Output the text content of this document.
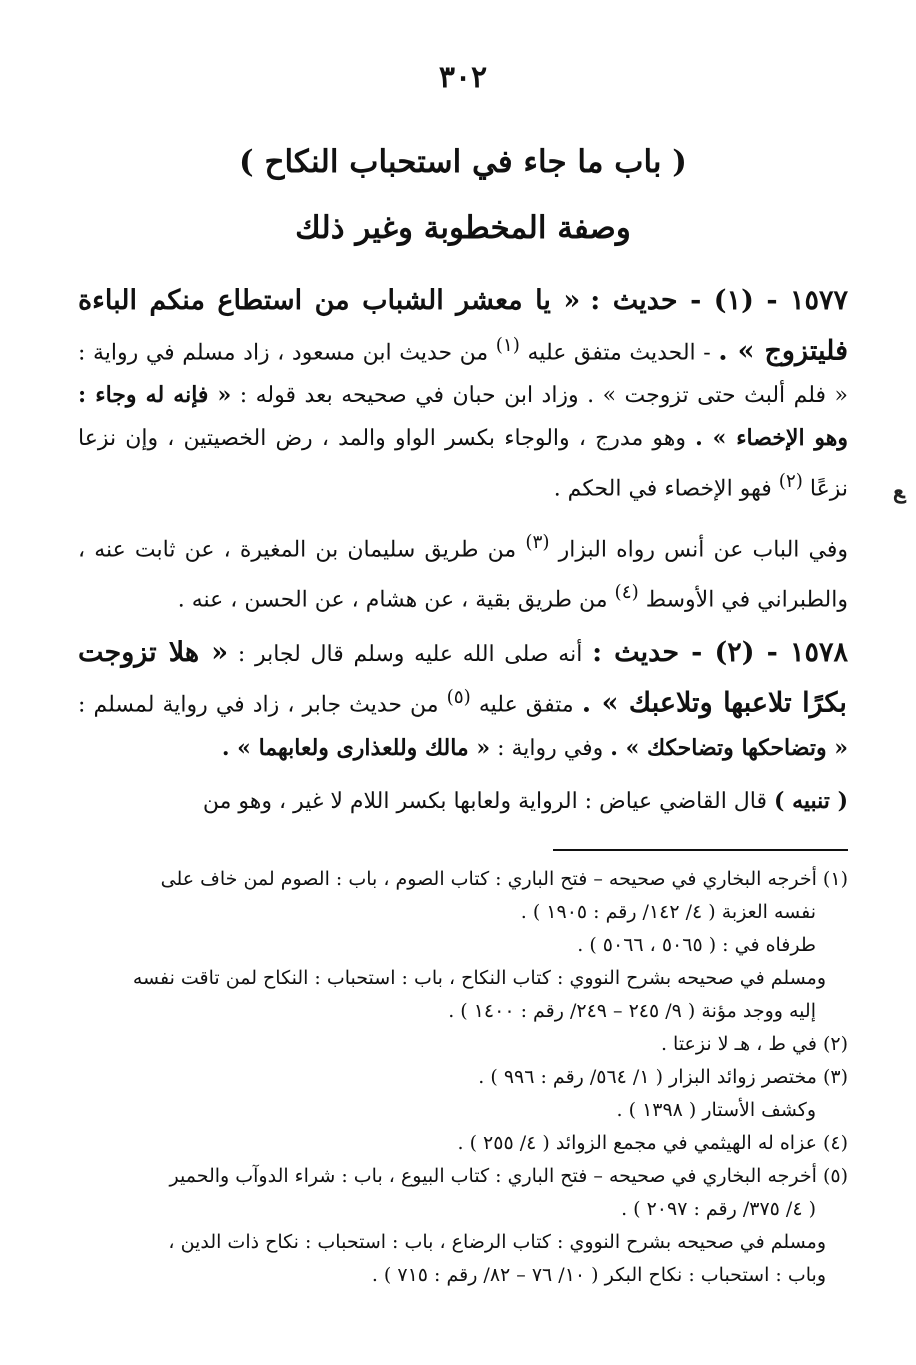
٣٠٢
( باب ما جاء في استحباب النكاح )
وصفة المخطوبة وغير ذلك

١٥٧٧ - (١) - حديث : « يا معشر الشباب من استطاع منكم الباءة فليتزوج » . - الحديث متفق عليه $^{(١)}$ من حديث ابن مسعود ، زاد مسلم في رواية : « فلم ألبث حتى تزوجت » . وزاد ابن حبان في صحيحه بعد قوله : « فإنه له وجاء : وهو الإخصاء » . وهو مدرج ، والوجاء بكسر الواو والمد ، رض الخصيتين ، وإن نزعا نزعًا $^{(٢)}$ فهو الإخصاء في الحكم .

وفي الباب عن أنس رواه البزار $^{(٣)}$ من طريق سليمان بن المغيرة ، عن ثابت عنه ، والطبراني في الأوسط $^{(٤)}$ من طريق بقية ، عن هشام ، عن الحسن ، عنه .

١٥٧٨ - (٢) - حديث : أنه صلى الله عليه وسلم قال لجابر : « هلا تزوجت بكرًا تلاعبها وتلاعبك » . متفق عليه $^{(٥)}$ من حديث جابر ، زاد في رواية لمسلم : « وتضاحكها وتضاحكك » . وفي رواية : « مالك وللعذارى ولعابهما » .

( تنبيه ) قال القاضي عياض : الرواية ولعابها بكسر اللام لا غير ، وهو من

(١) أخرجه البخاري في صحيحه – فتح الباري : كتاب الصوم ، باب : الصوم لمن خاف على

نفسه العزبة ( ٤/ ١٤٢/ رقم : ١٩٠٥ ) .

طرفاه في : ( ٥٠٦٥ ، ٥٠٦٦ ) .

ومسلم في صحيحه بشرح النووي : كتاب النكاح ، باب : استحباب : النكاح لمن تاقت نفسه

إليه ووجد مؤنة ( ٩/ ٢٤٥ – ٢٤٩/ رقم : ١٤٠٠ ) .

(٢) في ط ، هـ لا نزعتا .

(٣) مختصر زوائد البزار ( ١/ ٥٦٤/ رقم : ٩٩٦ ) .

وكشف الأستار ( ١٣٩٨ ) .

(٤) عزاه له الهيثمي في مجمع الزوائد ( ٤/ ٢٥٥ ) .

(٥) أخرجه البخاري في صحيحه – فتح الباري : كتاب البيوع ، باب : شراء الدوآب والحمير

( ٤/ ٣٧٥/ رقم : ٢٠٩٧ ) .

ومسلم في صحيحه بشرح النووي : كتاب الرضاع ، باب : استحباب : نكاح ذات الدين ،

وباب : استحباب : نكاح البكر ( ١٠/ ٧٦ – ٨٢/ رقم : ٧١٥ ) .

ﻊ
